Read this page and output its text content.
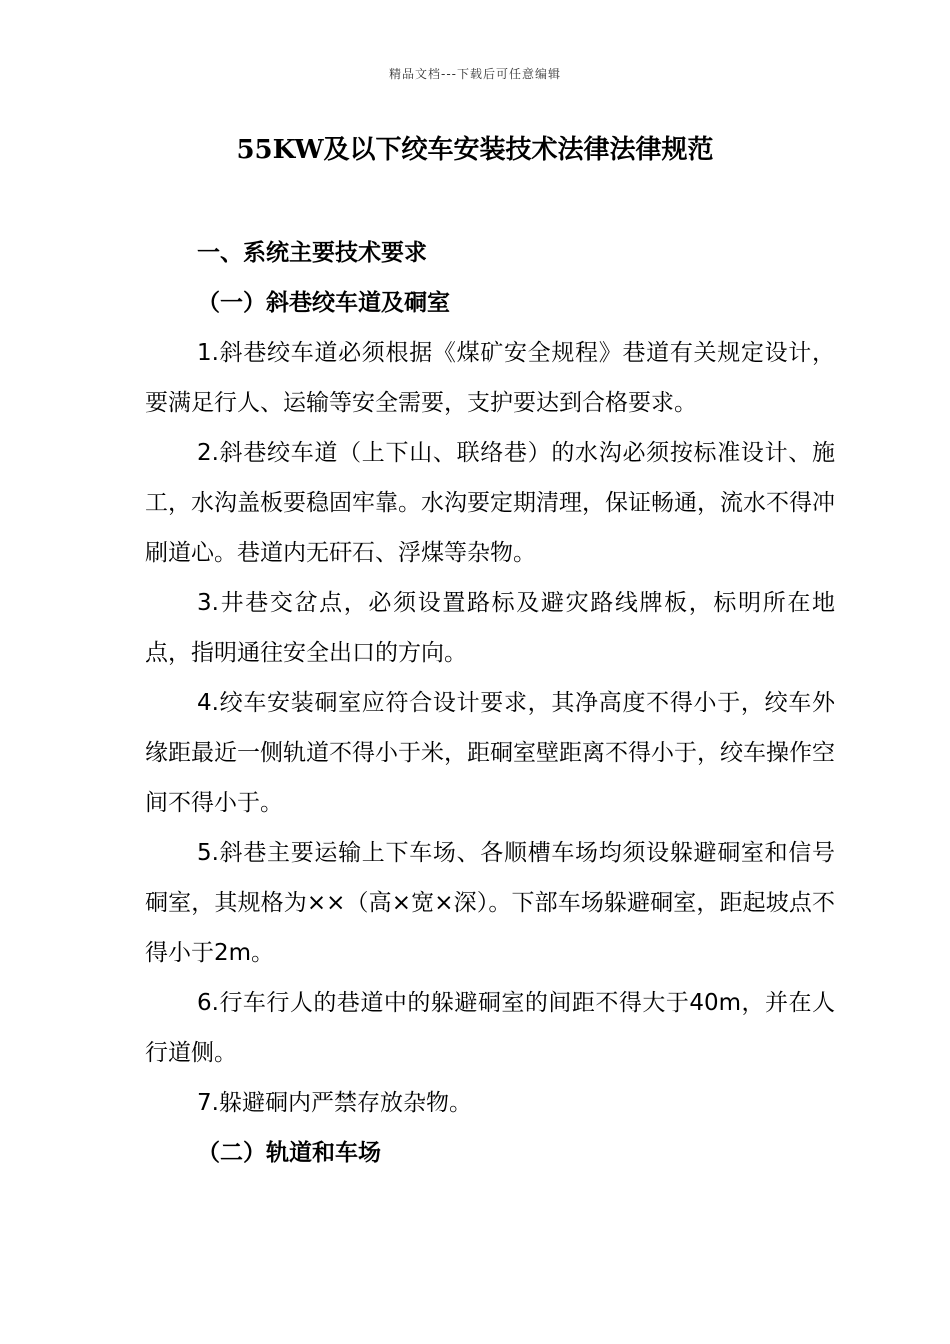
精品文档---下载后可任意编辑
55KW及以下绞车安装技术法律法律规范
一、系统主要技术要求
（一）斜巷绞车道及硐室

1.斜巷绞车道必须根据《煤矿安全规程》巷道有关规定设计，要满足行人、运输等安全需要，支护要达到合格要求。

2.斜巷绞车道（上下山、联络巷）的水沟必须按标准设计、施工，水沟盖板要稳固牢靠。水沟要定期清理，保证畅通，流水不得冲刷道心。巷道内无矸石、浮煤等杂物。

3.井巷交岔点，必须设置路标及避灾路线牌板，标明所在地点，指明通往安全出口的方向。

4.绞车安装硐室应符合设计要求，其净高度不得小于，绞车外缘距最近一侧轨道不得小于米，距硐室壁距离不得小于，绞车操作空间不得小于。

5.斜巷主要运输上下车场、各顺槽车场均须设躲避硐室和信号硐室，其规格为××（高×宽×深）。下部车场躲避硐室，距起坡点不得小于2m。

6.行车行人的巷道中的躲避硐室的间距不得大于40m，并在人行道侧。

7.躲避硐内严禁存放杂物。

（二）轨道和车场
